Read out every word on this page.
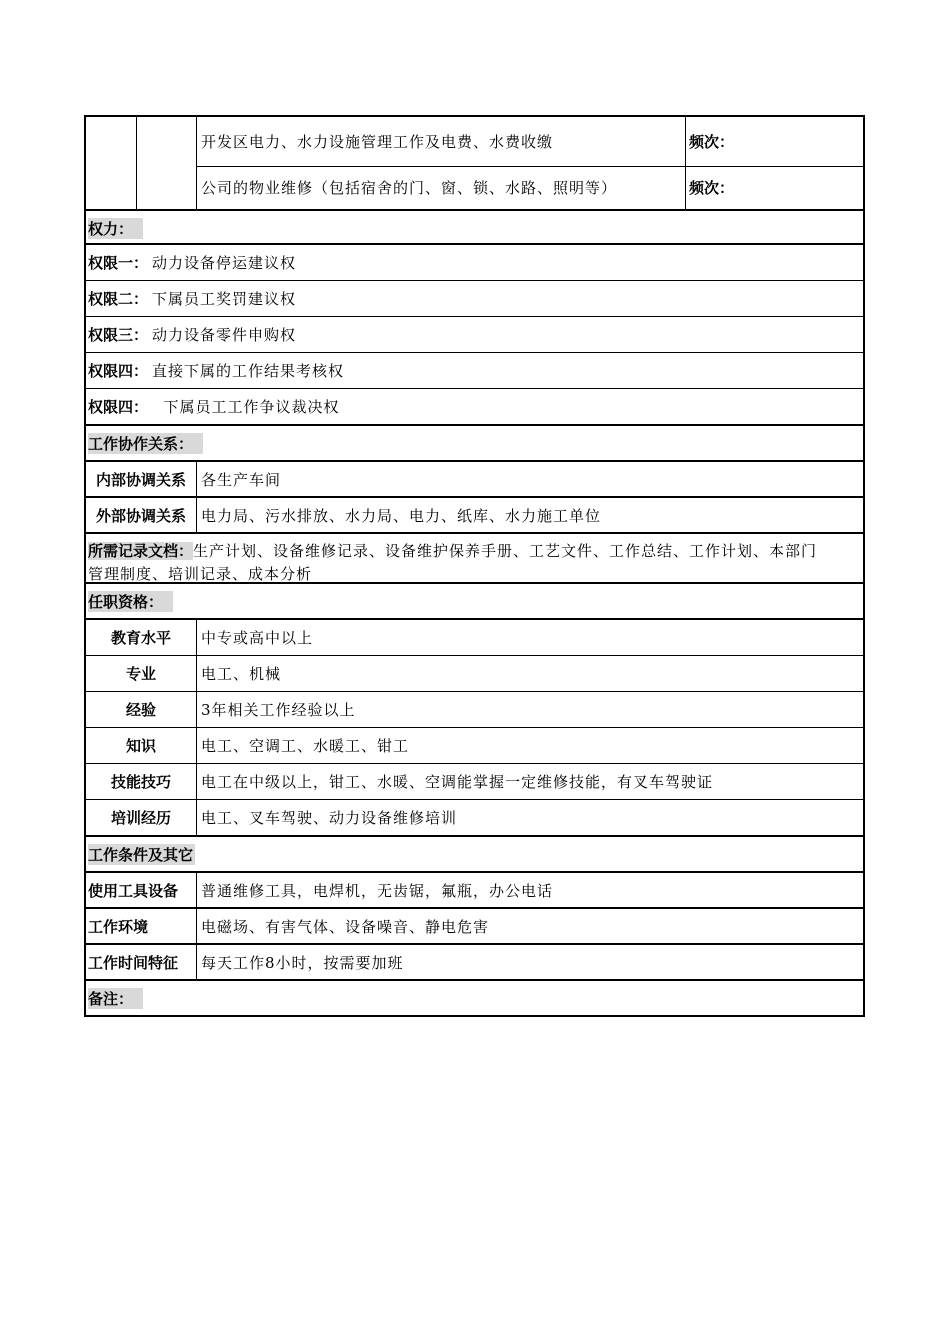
开发区电力、水力设施管理工作及电费、水费收缴	频次：
公司的物业维修（包括宿舍的门、窗、锁、水路、照明等）	频次：
权力：
权限一： 动力设备停运建议权
权限二： 下属员工奖罚建议权
权限三： 动力设备零件申购权
权限四： 直接下属的工作结果考核权
权限四： 下属员工工作争议裁决权
工作协作关系：
内部协调关系	各生产车间
外部协调关系	电力局、污水排放、水力局、电力、纸库、水力施工单位
所需记录文档：生产计划、设备维修记录、设备维护保养手册、工艺文件、工作总结、工作计划、本部门
管理制度、培训记录、成本分析
任职资格：
教育水平	中专或高中以上
专业	电工、机械
经验	3年相关工作经验以上
知识	电工、空调工、水暖工、钳工
技能技巧	电工在中级以上，钳工、水暖、空调能掌握一定维修技能，有叉车驾驶证
培训经历	电工、叉车驾驶、动力设备维修培训
工作条件及其它
使用工具设备	普通维修工具，电焊机，无齿锯，氟瓶，办公电话
工作环境	电磁场、有害气体、设备噪音、静电危害
工作时间特征	每天工作8小时，按需要加班
备注：
